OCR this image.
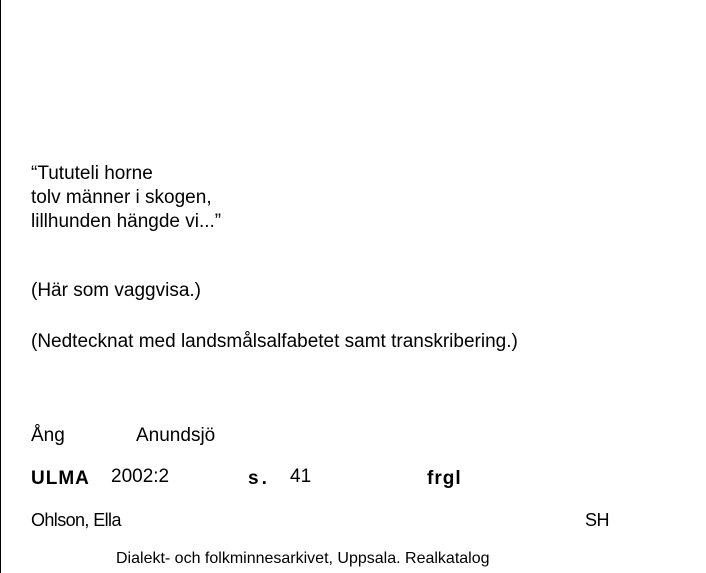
“Tututeli horne
tolv männer i skogen,
lillhunden hängde vi...”
(Här som vaggvisa.)
(Nedtecknat med landsmålsalfabetet samt transkribering.)
Ång	Anundsjö
ULMA 2002:2	s. 41	frgl
Ohlson, Ella	SH
Dialekt- och folkminnesarkivet, Uppsala. Realkatalog
